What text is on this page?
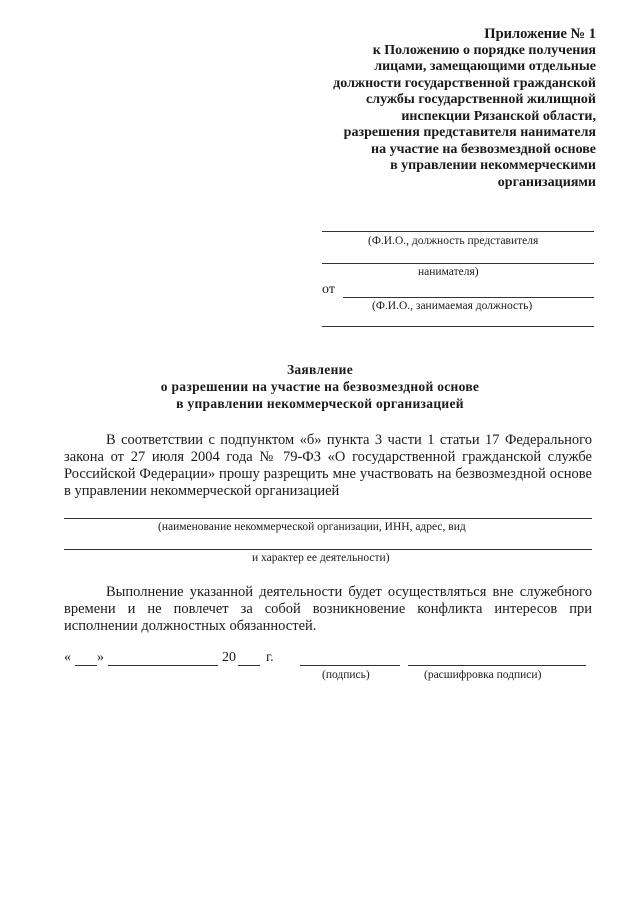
Приложение № 1
к Положению о порядке получения
лицами, замещающими отдельные
должности государственной гражданской
службы государственной жилищной
инспекции Рязанской области,
разрешения представителя нанимателя
на участие на безвозмездной основе
в управлении некоммерческими
организациями
(Ф.И.О., должность представителя
нанимателя)
от
(Ф.И.О., занимаемая должность)
Заявление
о разрешении на участие на безвозмездной основе
в управлении некоммерческой организацией
В соответствии с подпунктом «б» пункта 3 части 1 статьи 17 Федерального закона от 27 июля 2004 года № 79-ФЗ «О государственной гражданской службе Российской Федерации» прошу разрещить мне участвовать на безвозмездной основе в управлении некоммерческой организацией
(наименование некоммерческой организации, ИНН, адрес, вид
и характер ее деятельности)
Выполнение указанной деятельности будет осуществляться вне служебного времени и не повлечет за собой возникновение конфликта интересов при исполнении должностных обязанностей.
« »	20 г.
(подпись)	(расшифровка подписи)
